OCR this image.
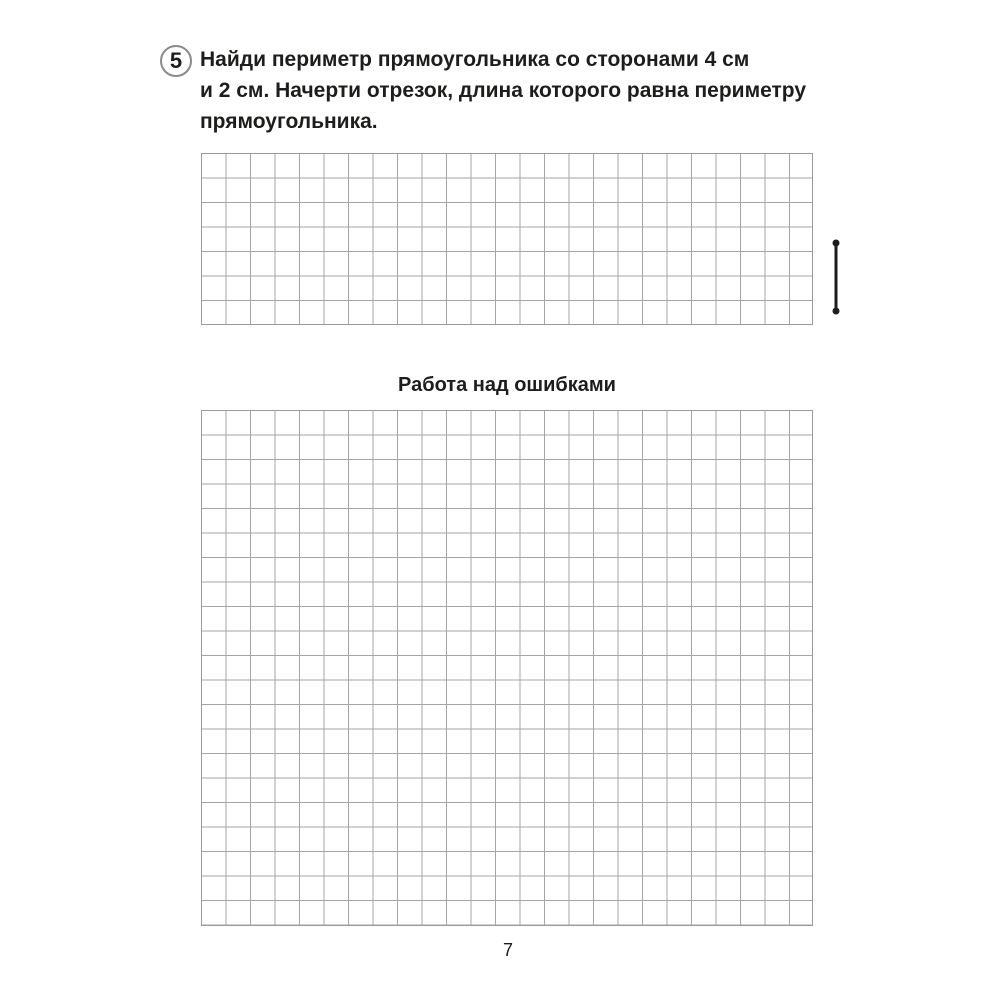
5 Найди периметр прямоугольника со сторонами 4 см
и 2 см. Начерти отрезок, длина которого равна периметру
прямоугольника.

Работа над ошибками
7
